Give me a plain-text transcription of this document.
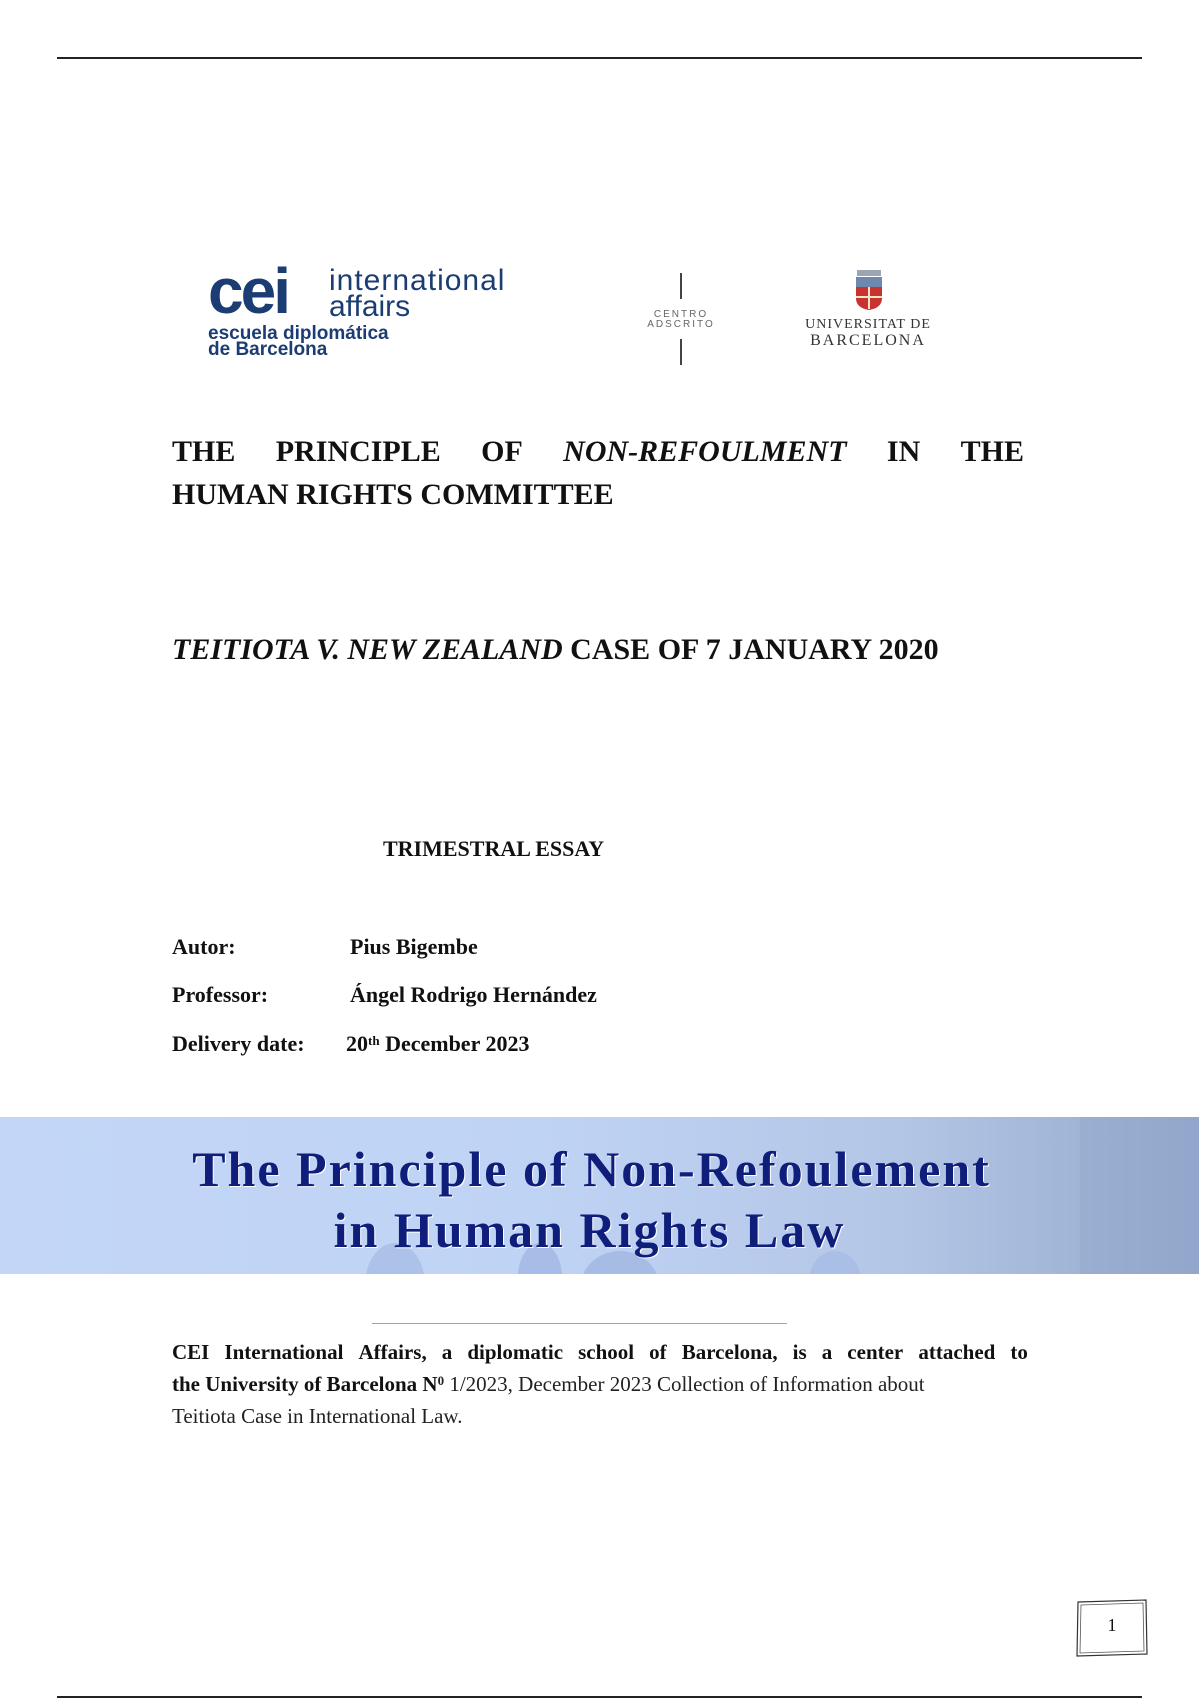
cei international
affairs
escuela diplomática
de Barcelona
CENTRO
ADSCRITO	UNIVERSITAT DE
BARCELONA
THE PRINCIPLE OF NON-REFOULMENT IN THE
HUMAN RIGHTS COMMITTEE
TEITIOTA V. NEW ZEALAND CASE OF 7 JANUARY 2020
TRIMESTRAL ESSAY
Autor:	Pius Bigembe
Professor:	Ángel Rodrigo Hernández
Delivery date: 20th December 2023
The Principle of Non-Refoulement
in Human Rights Law
CEI International Affairs, a diplomatic school of Barcelona, is a center attached to
the University of Barcelona $N^0$ 1/2023, December 2023 Collection of Information about
Teitiota Case in International Law.
1
